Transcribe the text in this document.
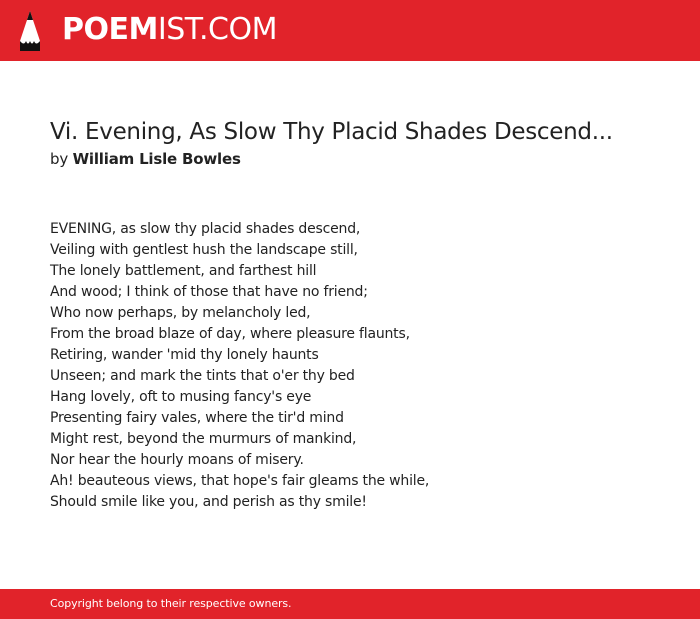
POEMIST.COM
Vi. Evening, As Slow Thy Placid Shades Descend...
by William Lisle Bowles
EVENING, as slow thy placid shades descend,
Veiling with gentlest hush the landscape still,
The lonely battlement, and farthest hill
And wood; I think of those that have no friend;
Who now perhaps, by melancholy led,
From the broad blaze of day, where pleasure flaunts,
Retiring, wander 'mid thy lonely haunts
Unseen; and mark the tints that o'er thy bed
Hang lovely, oft to musing fancy's eye
Presenting fairy vales, where the tir'd mind
Might rest, beyond the murmurs of mankind,
Nor hear the hourly moans of misery.
Ah! beauteous views, that hope's fair gleams the while,
Should smile like you, and perish as thy smile!
Copyright belong to their respective owners.
